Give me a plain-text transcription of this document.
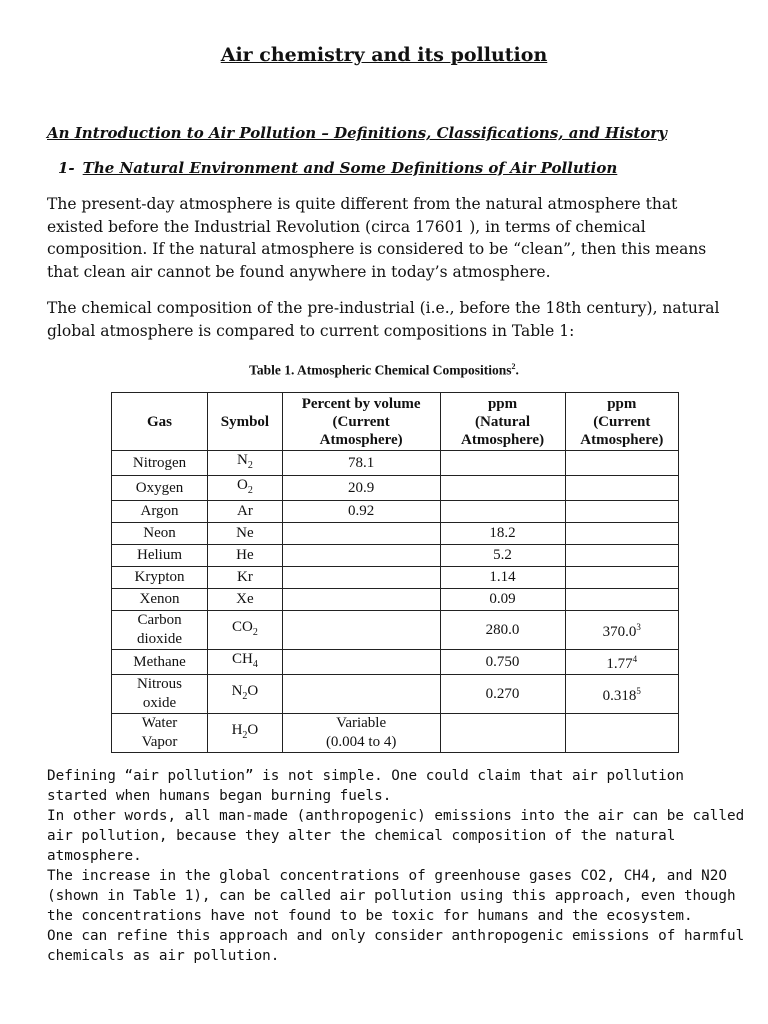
Air chemistry and its pollution
An Introduction to Air Pollution – Definitions, Classifications, and History
1- The Natural Environment and Some Definitions of Air Pollution

The present-day atmosphere is quite different from the natural atmosphere that existed before the Industrial Revolution (circa 17601 ), in terms of chemical composition. If the natural atmosphere is considered to be “clean”, then this means that clean air cannot be found anywhere in today’s atmosphere.

The chemical composition of the pre-industrial (i.e., before the 18th century), natural global atmosphere is compared to current compositions in Table 1:

Table 1. Atmospheric Chemical Compositions$^2$.
Gas	Symbol	Percent by volume
(Current
Atmosphere)	ppm
(Natural
Atmosphere)	ppm
(Current
Atmosphere)
Nitrogen	$N_2$	78.1		
Oxygen	$O_2$	20.9		
Argon	Ar	0.92		
Neon	Ne		18.2	
Helium	He		5.2	
Krypton	Kr		1.14	
Xenon	Xe		0.09	
Carbon
dioxide	$CO_2$		280.0	370.0$^3$
Methane	$CH_4$		0.750	1.77$^4$
Nitrous
oxide	$N_2O$		0.270	0.318$^5$
Water
Vapor	$H_2O$	Variable
(0.004 to 4)		
Defining “air pollution” is not simple. One could claim that air pollution started when humans began burning fuels.
In other words, all man-made (anthropogenic) emissions into the air can be called air pollution, because they alter the chemical composition of the natural atmosphere.
The increase in the global concentrations of greenhouse gases CO2, CH4, and N2O (shown in Table 1), can be called air pollution using this approach, even though the concentrations have not found to be toxic for humans and the ecosystem.
One can refine this approach and only consider anthropogenic emissions of harmful chemicals as air pollution.
